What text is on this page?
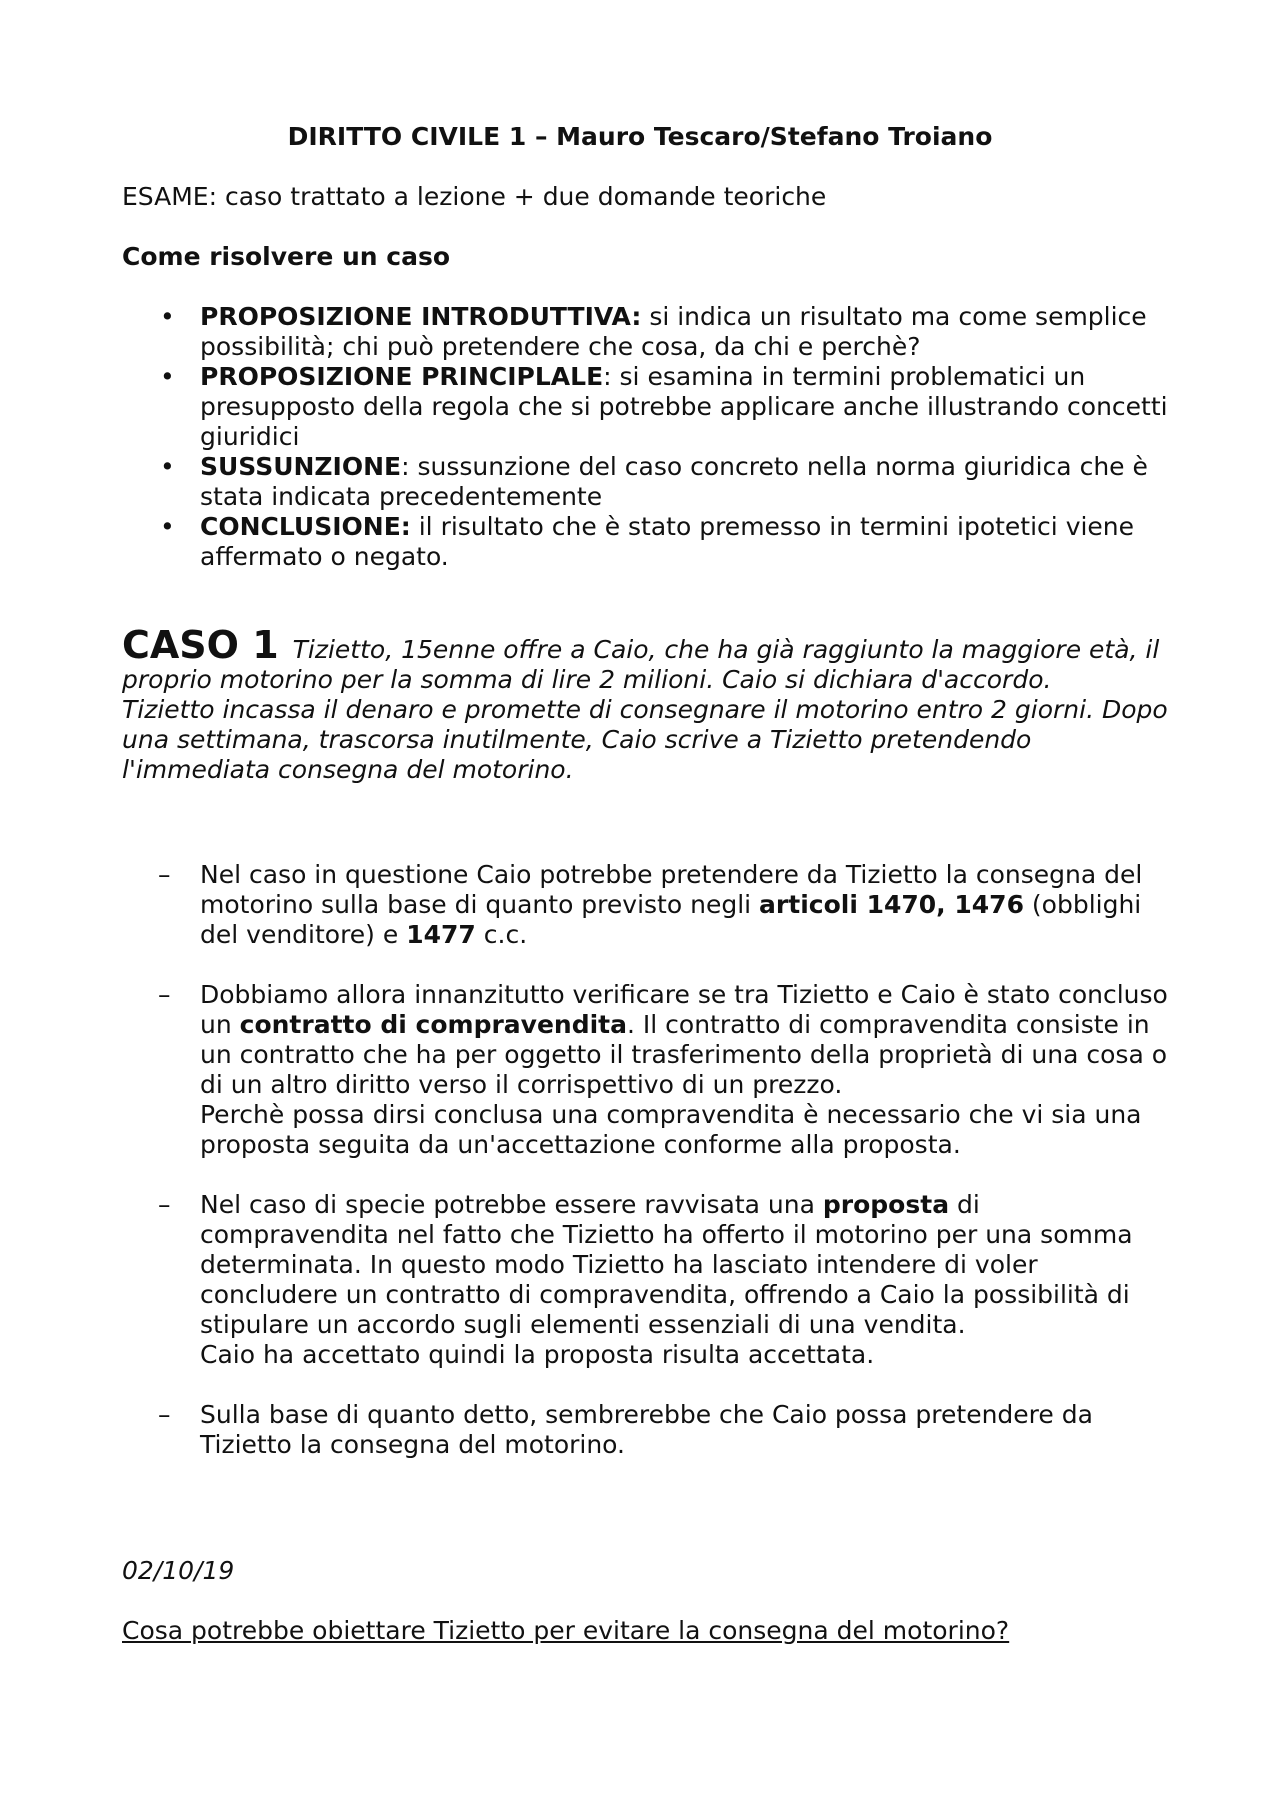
DIRITTO CIVILE 1 – Mauro Tescaro/Stefano Troiano
ESAME: caso trattato a lezione + due domande teoriche
Come risolvere un caso
• PROPOSIZIONE INTRODUTTIVA: si indica un risultato ma come semplice possibilità; chi può pretendere che cosa, da chi e perchè?
• PROPOSIZIONE PRINCIPLALE: si esamina in termini problematici un presupposto della regola che si potrebbe applicare anche illustrando concetti giuridici
• SUSSUNZIONE: sussunzione del caso concreto nella norma giuridica che è stata indicata precedentemente
• CONCLUSIONE: il risultato che è stato premesso in termini ipotetici viene affermato o negato.
CASO 1 Tizietto, 15enne offre a Caio, che ha già raggiunto la maggiore età, il proprio motorino per la somma di lire 2 milioni. Caio si dichiara d'accordo.
Tizietto incassa il denaro e promette di consegnare il motorino entro 2 giorni. Dopo una settimana, trascorsa inutilmente, Caio scrive a Tizietto pretendendo l'immediata consegna del motorino.
– Nel caso in questione Caio potrebbe pretendere da Tizietto la consegna del motorino sulla base di quanto previsto negli articoli 1470, 1476 (obblighi del venditore) e 1477 c.c.
– Dobbiamo allora innanzitutto verificare se tra Tizietto e Caio è stato concluso un contratto di compravendita. Il contratto di compravendita consiste in un contratto che ha per oggetto il trasferimento della proprietà di una cosa o di un altro diritto verso il corrispettivo di un prezzo.
Perchè possa dirsi conclusa una compravendita è necessario che vi sia una proposta seguita da un'accettazione conforme alla proposta.
– Nel caso di specie potrebbe essere ravvisata una proposta di compravendita nel fatto che Tizietto ha offerto il motorino per una somma determinata. In questo modo Tizietto ha lasciato intendere di voler concludere un contratto di compravendita, offrendo a Caio la possibilità di stipulare un accordo sugli elementi essenziali di una vendita.
Caio ha accettato quindi la proposta risulta accettata.
– Sulla base di quanto detto, sembrerebbe che Caio possa pretendere da Tizietto la consegna del motorino.
02/10/19
Cosa potrebbe obiettare Tizietto per evitare la consegna del motorino?
